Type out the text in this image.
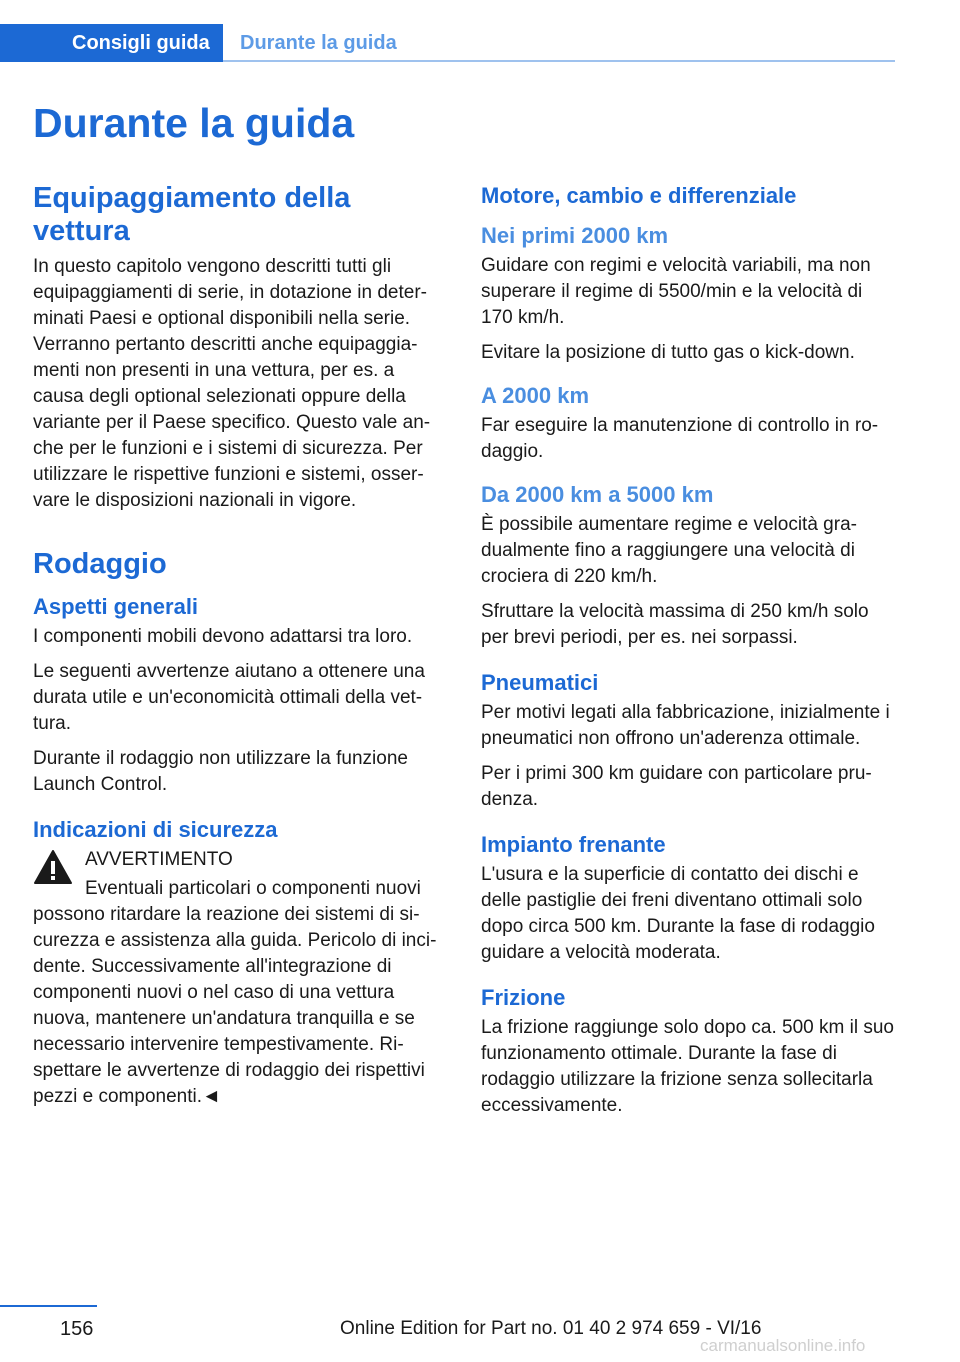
Consigli guida	Durante la guida
Durante la guida
Equipaggiamento della vettura

In questo capitolo vengono descritti tutti gli equipaggiamenti di serie, in dotazione in determinati Paesi e optional disponibili nella serie. Verranno pertanto descritti anche equipaggiamenti non presenti in una vettura, per es. a causa degli optional selezionati oppure della variante per il Paese specifico. Questo vale anche per le funzioni e i sistemi di sicurezza. Per utilizzare le rispettive funzioni e sistemi, osservare le disposizioni nazionali in vigore.

Rodaggio
Aspetti generali

I componenti mobili devono adattarsi tra loro.

Le seguenti avvertenze aiutano a ottenere una durata utile e un'economicità ottimali della vettura.

Durante il rodaggio non utilizzare la funzione Launch Control.

Indicazioni di sicurezza
AVVERTIMENTO

Eventuali particolari o componenti nuovi

possono ritardare la reazione dei sistemi di sicurezza e assistenza alla guida. Pericolo di incidente. Successivamente all'integrazione di componenti nuovi o nel caso di una vettura nuova, mantenere un'andatura tranquilla e se necessario intervenire tempestivamente. Rispettare le avvertenze di rodaggio dei rispettivi pezzi e componenti.◄

Motore, cambio e differenziale
Nei primi 2000 km

Guidare con regimi e velocità variabili, ma non superare il regime di 5500/min e la velocità di 170 km/h.

Evitare la posizione di tutto gas o kick-down.

A 2000 km

Far eseguire la manutenzione di controllo in rodaggio.

Da 2000 km a 5000 km

È possibile aumentare regime e velocità gradualmente fino a raggiungere una velocità di crociera di 220 km/h.

Sfruttare la velocità massima di 250 km/h solo per brevi periodi, per es. nei sorpassi.

Pneumatici

Per motivi legati alla fabbricazione, inizialmente i pneumatici non offrono un'aderenza ottimale.

Per i primi 300 km guidare con particolare prudenza.

Impianto frenante

L'usura e la superficie di contatto dei dischi e delle pastiglie dei freni diventano ottimali solo dopo circa 500 km. Durante la fase di rodaggio guidare a velocità moderata.

Frizione

La frizione raggiunge solo dopo ca. 500 km il suo funzionamento ottimale. Durante la fase di rodaggio utilizzare la frizione senza sollecitarla eccessivamente.

156	Online Edition for Part no. 01 40 2 974 659 - VI/16
carmanualsonline.info
